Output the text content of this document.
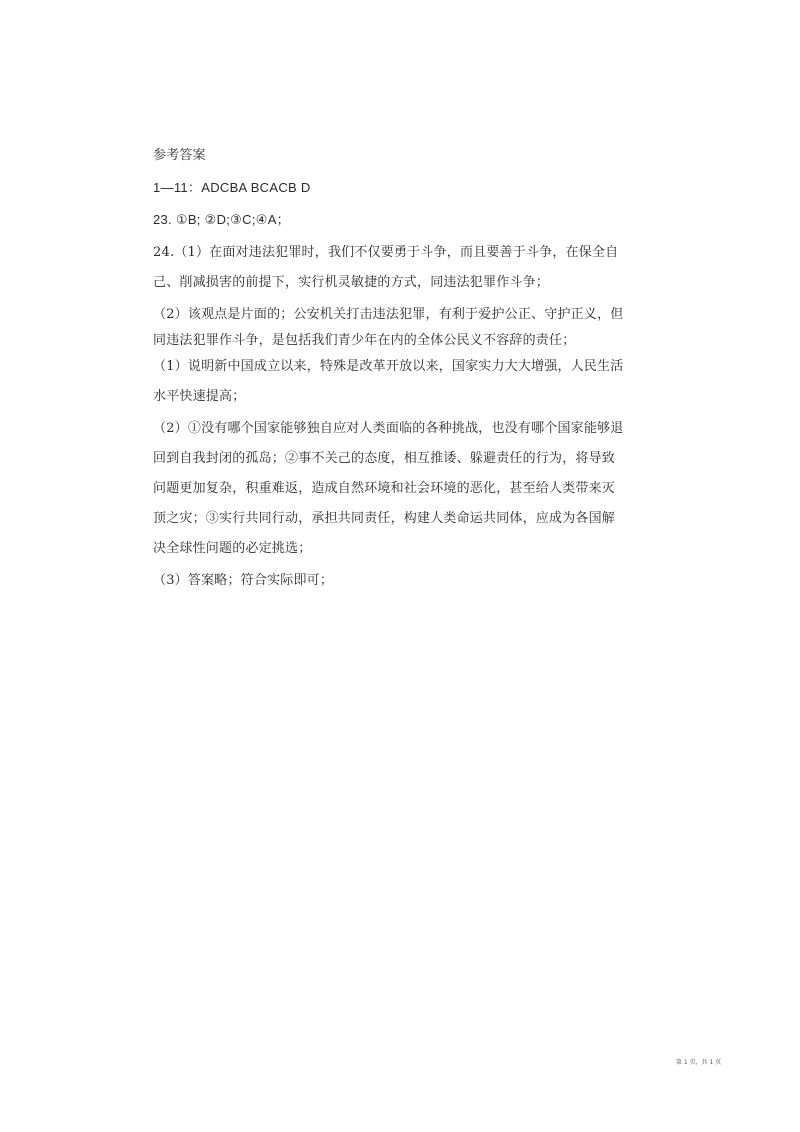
参考答案
1—11：ADCBA BCACB D
23. ①B; ②D;③C;④A；
24.（1）在面对违法犯罪时，我们不仅要勇于斗争，而且要善于斗争，在保全自
己、削减损害的前提下，实行机灵敏捷的方式，同违法犯罪作斗争；
（2）该观点是片面的；公安机关打击违法犯罪，有利于爱护公正、守护正义，但
同违法犯罪作斗争，是包括我们青少年在内的全体公民义不容辞的责任；
（1）说明新中国成立以来，特殊是改革开放以来，国家实力大大增强，人民生活
水平快速提高；
（2）①没有哪个国家能够独自应对人类面临的各种挑战，也没有哪个国家能够退
回到自我封闭的孤岛；②事不关己的态度，相互推诿、躲避责任的行为，将导致
问题更加复杂，积重难返，造成自然环境和社会环境的恶化，甚至给人类带来灭
顶之灾；③实行共同行动，承担共同责任，构建人类命运共同体，应成为各国解
决全球性问题的必定挑选；
（3）答案略；符合实际即可；
第 1 页，共 1 页
